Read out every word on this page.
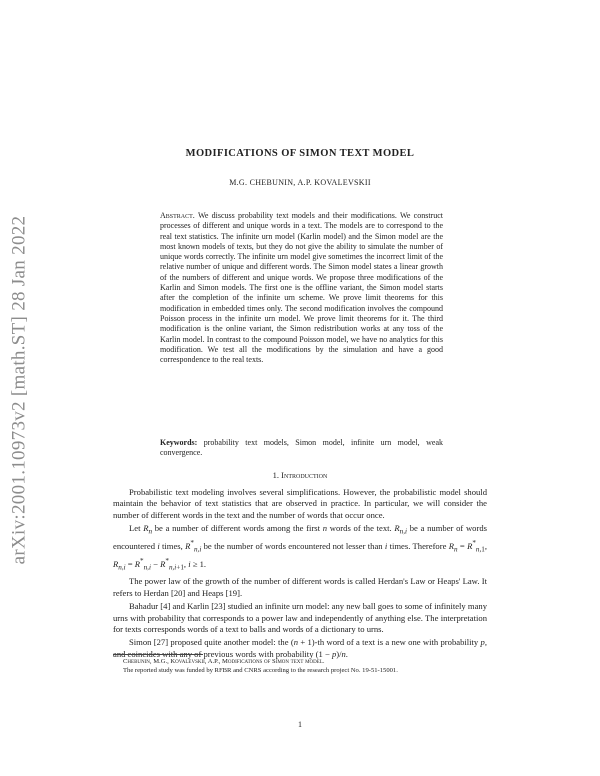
arXiv:2001.10973v2 [math.ST] 28 Jan 2022
MODIFICATIONS OF SIMON TEXT MODEL
M.G. CHEBUNIN, A.P. KOVALEVSKII
Abstract. We discuss probability text models and their modifications. We construct processes of different and unique words in a text. The models are to correspond to the real text statistics. The infinite urn model (Karlin model) and the Simon model are the most known models of texts, but they do not give the ability to simulate the number of unique words correctly. The infinite urn model give sometimes the incorrect limit of the relative number of unique and different words. The Simon model states a linear growth of the numbers of different and unique words. We propose three modifications of the Karlin and Simon models. The first one is the offline variant, the Simon model starts after the completion of the infinite urn scheme. We prove limit theorems for this modification in embedded times only. The second modification involves the compound Poisson process in the infinite urn model. We prove limit theorems for it. The third modification is the online variant, the Simon redistribution works at any toss of the Karlin model. In contrast to the compound Poisson model, we have no analytics for this modification. We test all the modifications by the simulation and have a good correspondence to the real texts.
Keywords: probability text models, Simon model, infinite urn model, weak convergence.
1. Introduction

Probabilistic text modeling involves several simplifications. However, the probabilistic model should maintain the behavior of text statistics that are observed in practice. In particular, we will consider the number of different words in the text and the number of words that occur once.

Let $R_n$ be a number of different words among the first n words of the text. $R_{n,i}$ be a number of words encountered i times, $R^*_{n,i}$ be the number of words encountered not lesser than i times. Therefore $R_n = R^*_{n,1}$, $R_{n,i} = R^*_{n,i} - R^*_{n,i+1}$, i ≥ 1.

The power law of the growth of the number of different words is called Herdan's Law or Heaps' Law. It refers to Herdan [20] and Heaps [19].

Bahadur [4] and Karlin [23] studied an infinite urn model: any new ball goes to some of infinitely many urns with probability that corresponds to a power law and independently of anything else. The interpretation for texts corresponds words of a text to balls and words of a dictionary to urns.

Simon [27] proposed quite another model: the (n + 1)-th word of a text is a new one with probability p, and coincides with any of previous words with probability (1 − p)/n.

Chebunin, M.G., Kovalevskii, A.P., Modifications of Simon text model.

The reported study was funded by RFBR and CNRS according to the research project No. 19-51-15001.

1
